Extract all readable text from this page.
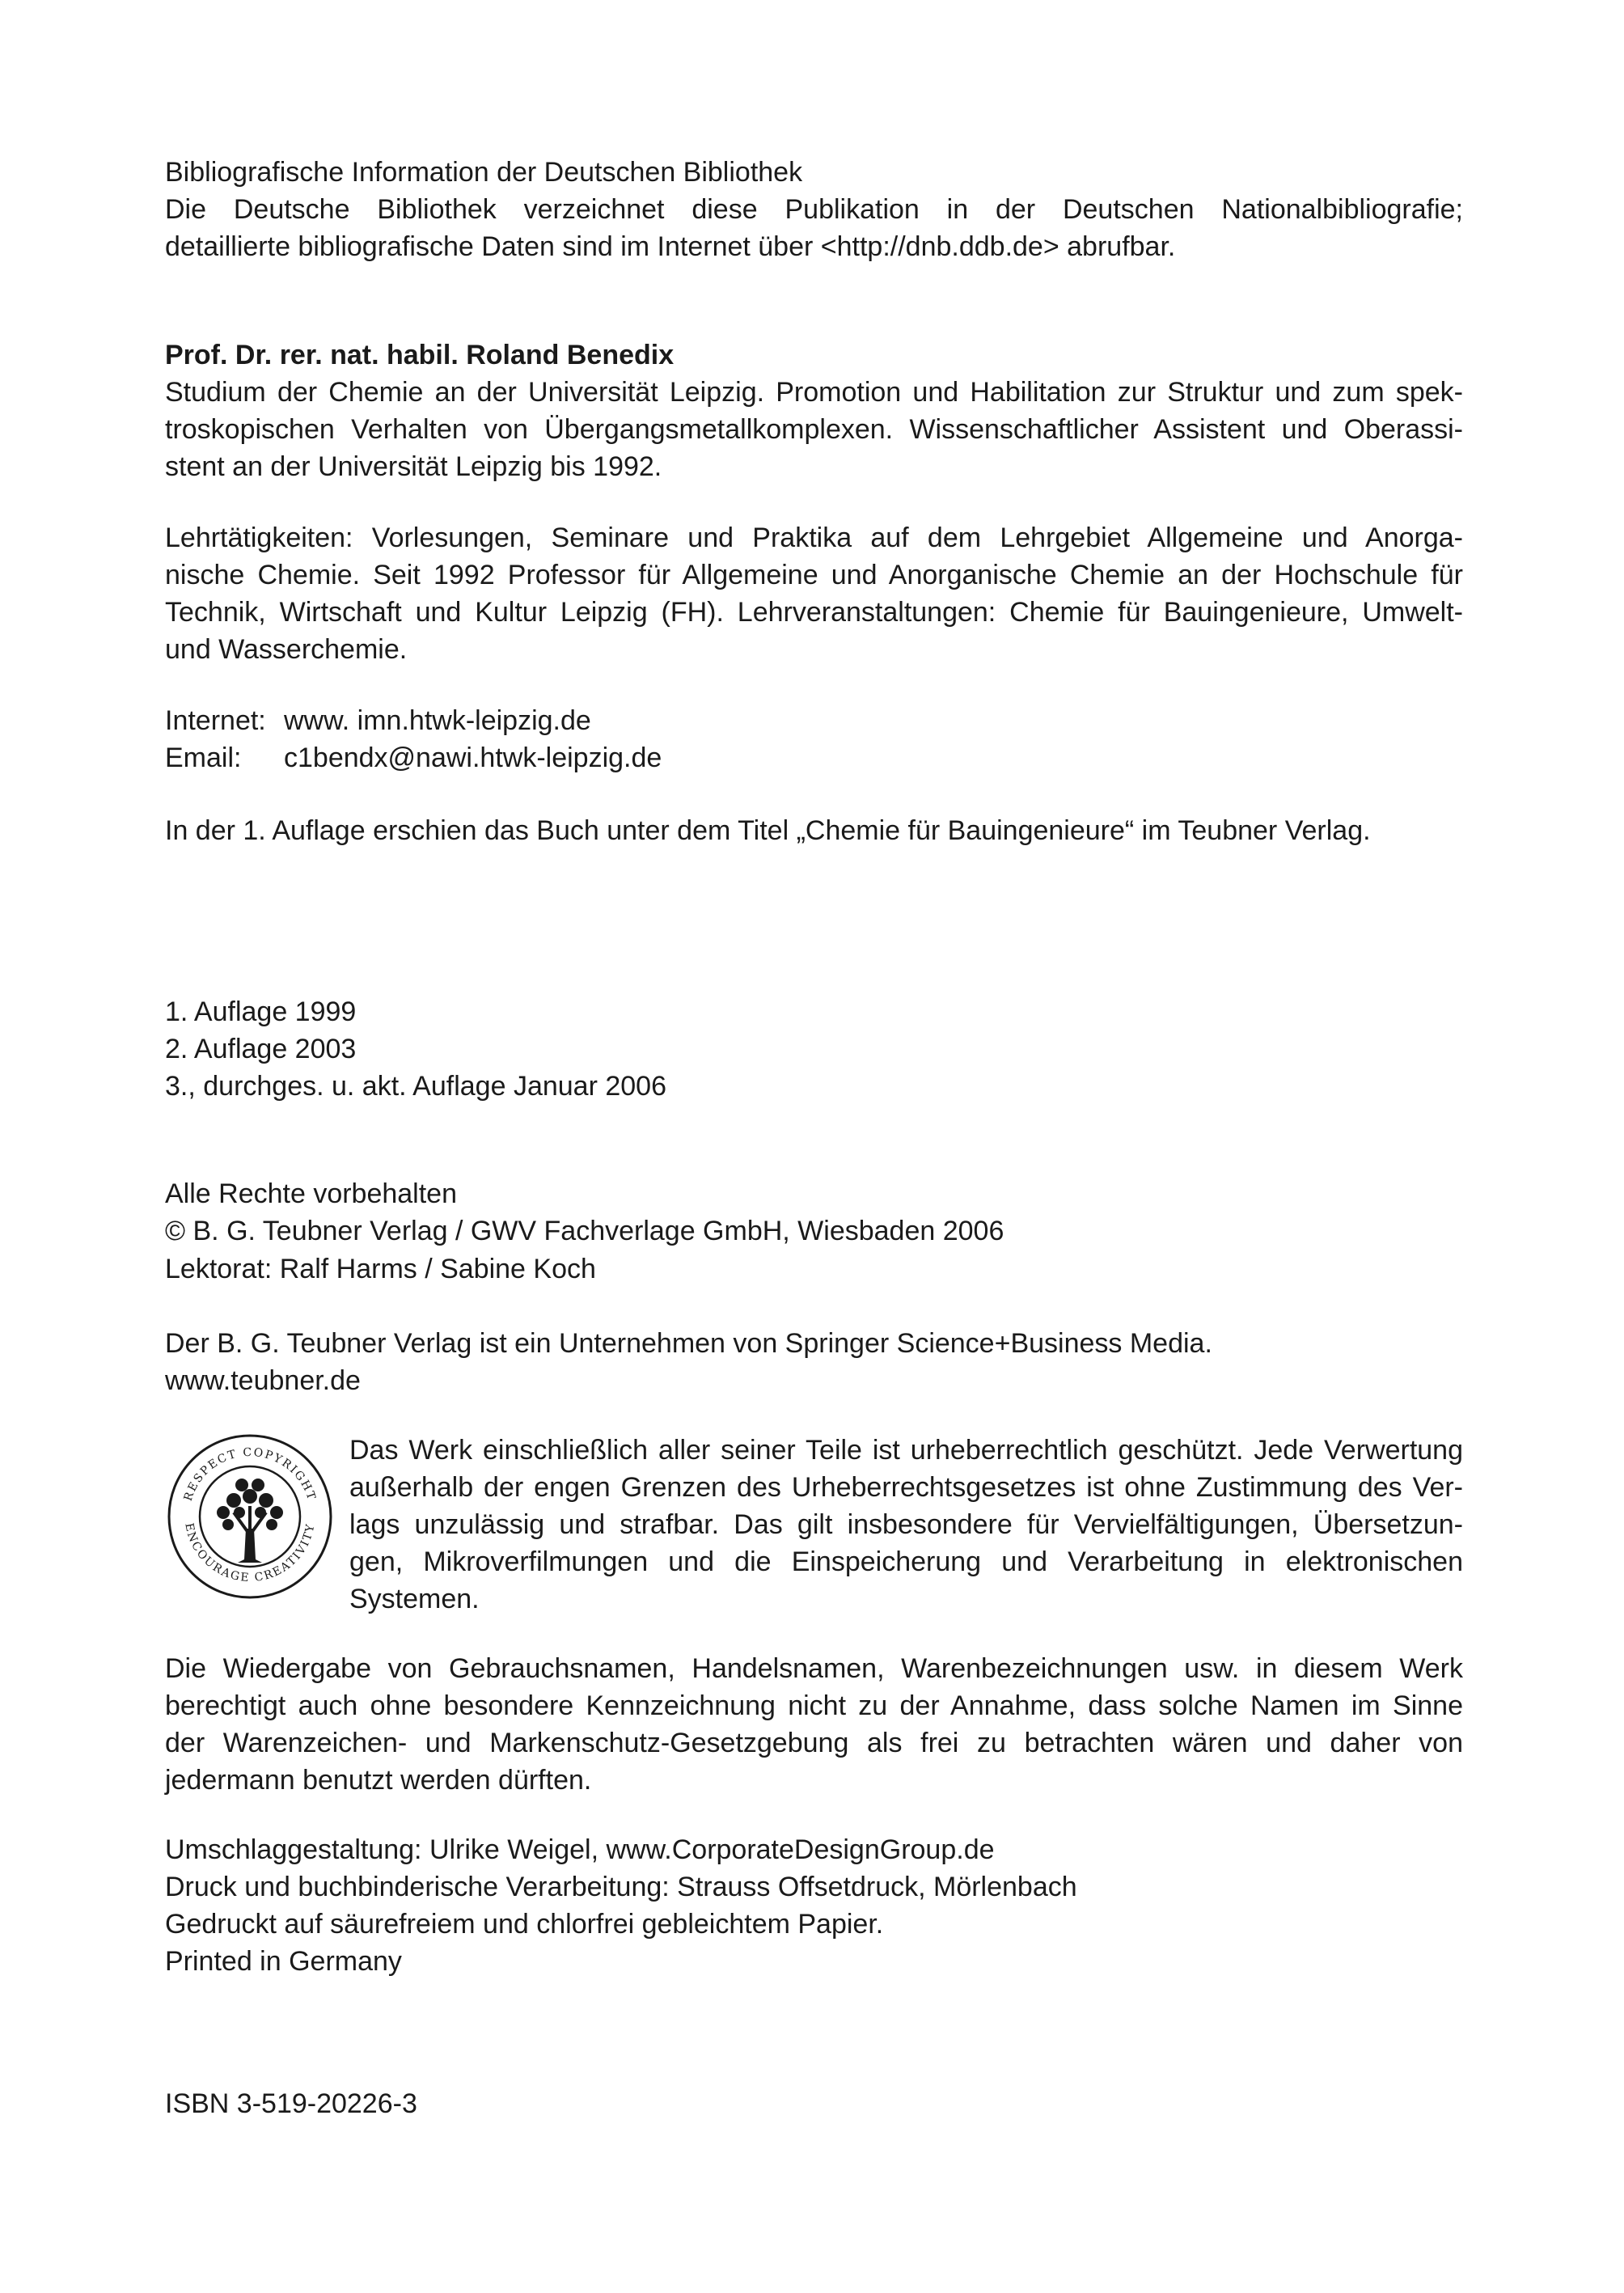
Bibliografische Information der Deutschen Bibliothek
Die Deutsche Bibliothek verzeichnet diese Publikation in der Deutschen Nationalbibliografie;
detaillierte bibliografische Daten sind im Internet über <http://dnb.ddb.de> abrufbar.
Prof. Dr. rer. nat. habil. Roland Benedix
Studium der Chemie an der Universität Leipzig. Promotion und Habilitation zur Struktur und zum spek-
troskopischen Verhalten von Übergangsmetallkomplexen. Wissenschaftlicher Assistent und Oberassi-
stent an der Universität Leipzig bis 1992.
Lehrtätigkeiten: Vorlesungen, Seminare und Praktika auf dem Lehrgebiet Allgemeine und Anorga-
nische Chemie. Seit 1992 Professor für Allgemeine und Anorganische Chemie an der Hochschule für
Technik, Wirtschaft und Kultur Leipzig (FH). Lehrveranstaltungen: Chemie für Bauingenieure, Umwelt-
und Wasserchemie.
Internet: www. imn.htwk-leipzig.de
Email:	c1bendx@nawi.htwk-leipzig.de
In der 1. Auflage erschien das Buch unter dem Titel „Chemie für Bauingenieure“ im Teubner Verlag.
1. Auflage 1999
2. Auflage 2003
3., durchges. u. akt. Auflage Januar 2006
Alle Rechte vorbehalten
© B. G. Teubner Verlag / GWV Fachverlage GmbH, Wiesbaden 2006
Lektorat: Ralf Harms / Sabine Koch
Der B. G. Teubner Verlag ist ein Unternehmen von Springer Science+Business Media.
www.teubner.de
RESPECT COPYRIGHT
ENCOURAGE CREATIVITY
Das Werk einschließlich aller seiner Teile ist urheberrechtlich geschützt. Jede Verwertung
außerhalb der engen Grenzen des Urheberrechtsgesetzes ist ohne Zustimmung des Ver-
lags unzulässig und strafbar. Das gilt insbesondere für Vervielfältigungen, Übersetzun-
gen, Mikroverfilmungen und die Einspeicherung und Verarbeitung in elektronischen
Systemen.
Die Wiedergabe von Gebrauchsnamen, Handelsnamen, Warenbezeichnungen usw. in diesem Werk
berechtigt auch ohne besondere Kennzeichnung nicht zu der Annahme, dass solche Namen im Sinne
der Warenzeichen- und Markenschutz-Gesetzgebung als frei zu betrachten wären und daher von
jedermann benutzt werden dürften.
Umschlaggestaltung: Ulrike Weigel, www.CorporateDesignGroup.de
Druck und buchbinderische Verarbeitung: Strauss Offsetdruck, Mörlenbach
Gedruckt auf säurefreiem und chlorfrei gebleichtem Papier.
Printed in Germany
ISBN 3-519-20226-3
